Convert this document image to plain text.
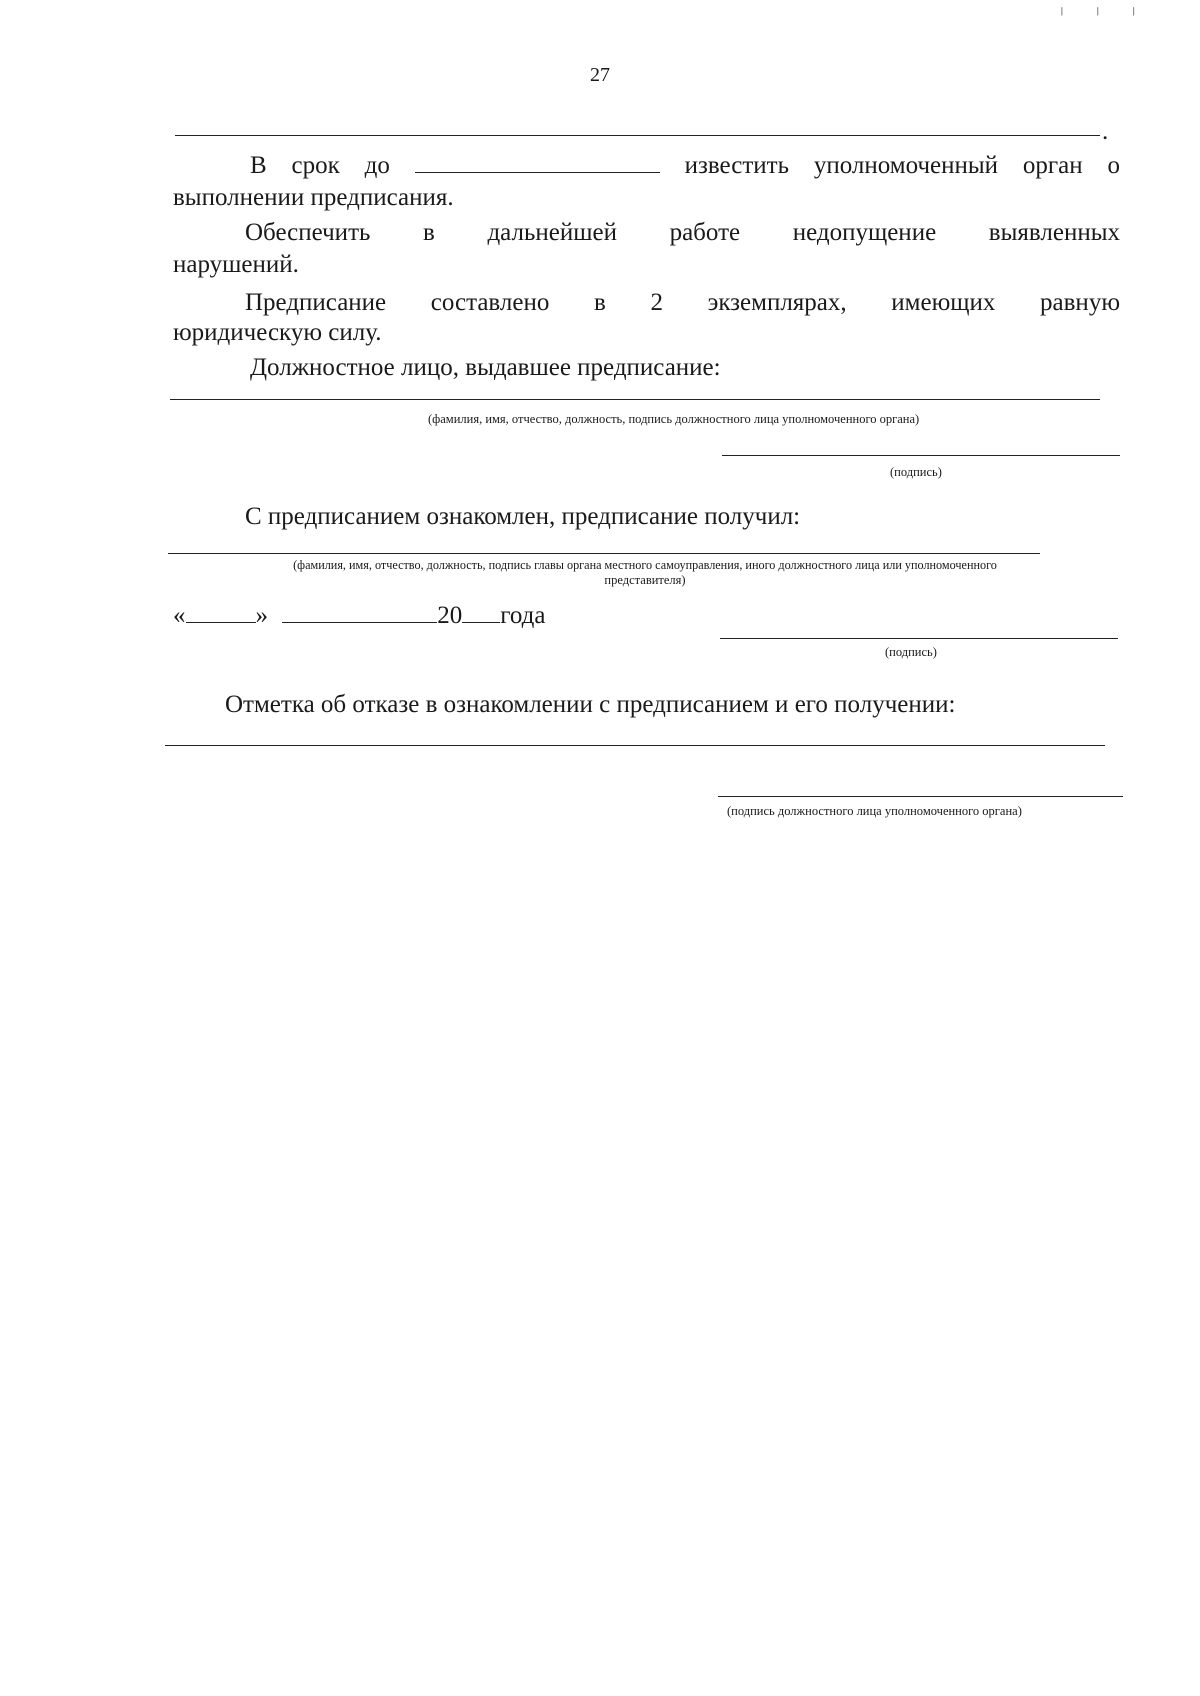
╷ ╷ ╷
27
.
В срок до	известить уполномоченный орган о
выполнении предписания.
Обеспечить в дальнейшей работе недопущение выявленных
нарушений.
Предписание составлено в 2 экземплярах, имеющих равную
юридическую силу.
Должностное лицо, выдавшее предписание:
(фамилия, имя, отчество, должность, подпись должностного лица уполномоченного органа)
(подпись)
С предписанием ознакомлен, предписание получил:
(фамилия, имя, отчество, должность, подпись главы органа местного самоуправления, иного должностного лица или уполномоченного
представителя)
«	»	20 года
(подпись)
Отметка об отказе в ознакомлении с предписанием и его получении:
(подпись должностного лица уполномоченного органа)
